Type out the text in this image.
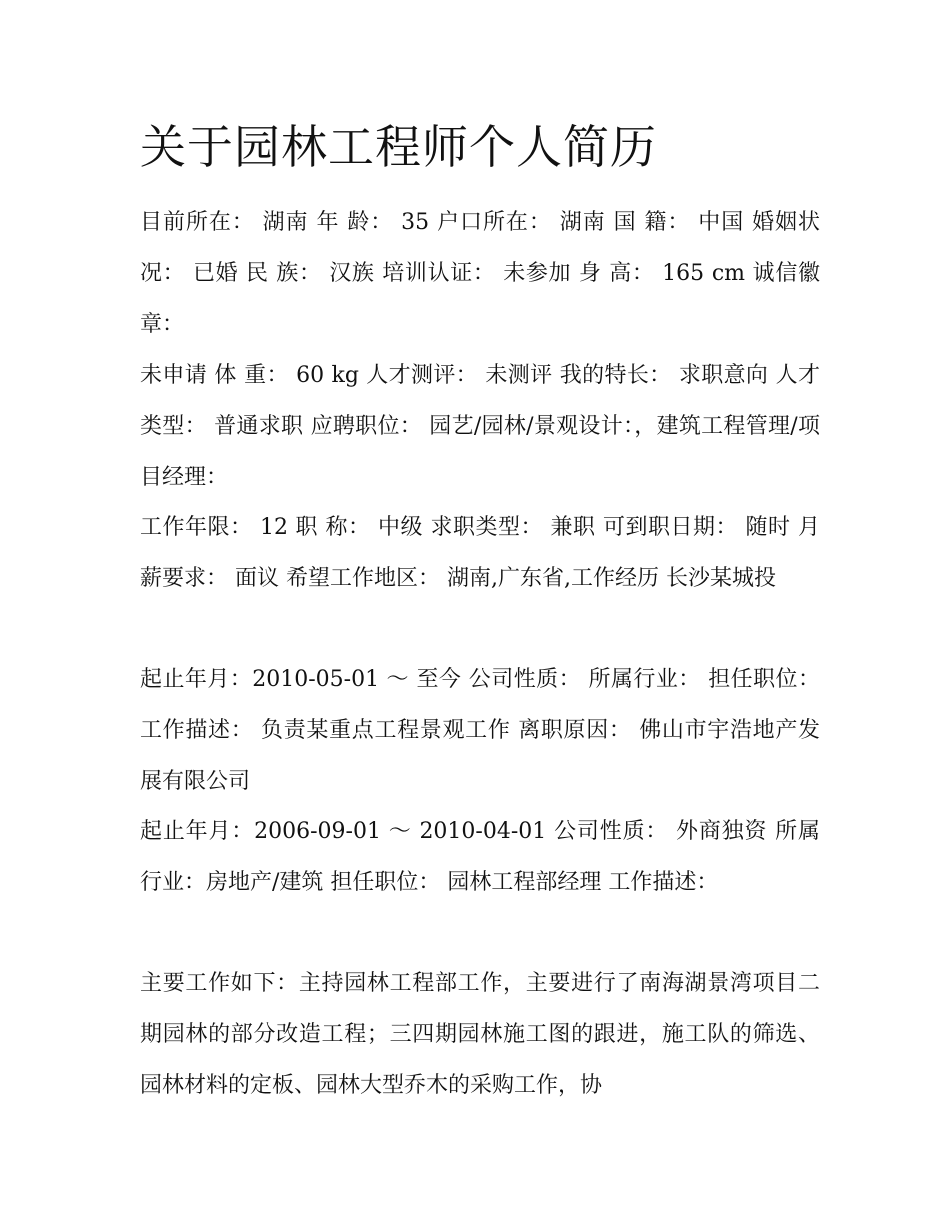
关于园林工程师个人简历
目前所在： 湖南 年 龄： 35 户口所在： 湖南 国 籍： 中国 婚姻状况： 已婚 民 族： 汉族 培训认证： 未参加 身 高： 165 cm 诚信徽章：
未申请 体 重： 60 kg 人才测评： 未测评 我的特长： 求职意向 人才类型： 普通求职 应聘职位： 园艺/园林/景观设计：，建筑工程管理/项目经理：
工作年限： 12 职 称： 中级 求职类型： 兼职 可到职日期： 随时 月薪要求： 面议 希望工作地区： 湖南,广东省,工作经历 长沙某城投
起止年月：2010-05-01 ～ 至今 公司性质： 所属行业： 担任职位： 工作描述： 负责某重点工程景观工作 离职原因： 佛山市宇浩地产发展有限公司
起止年月：2006-09-01 ～ 2010-04-01 公司性质： 外商独资 所属行业：房地产/建筑 担任职位： 园林工程部经理 工作描述：
主要工作如下：主持园林工程部工作，主要进行了南海湖景湾项目二期园林的部分改造工程；三四期园林施工图的跟进，施工队的筛选、园林材料的定板、园林大型乔木的采购工作，协
